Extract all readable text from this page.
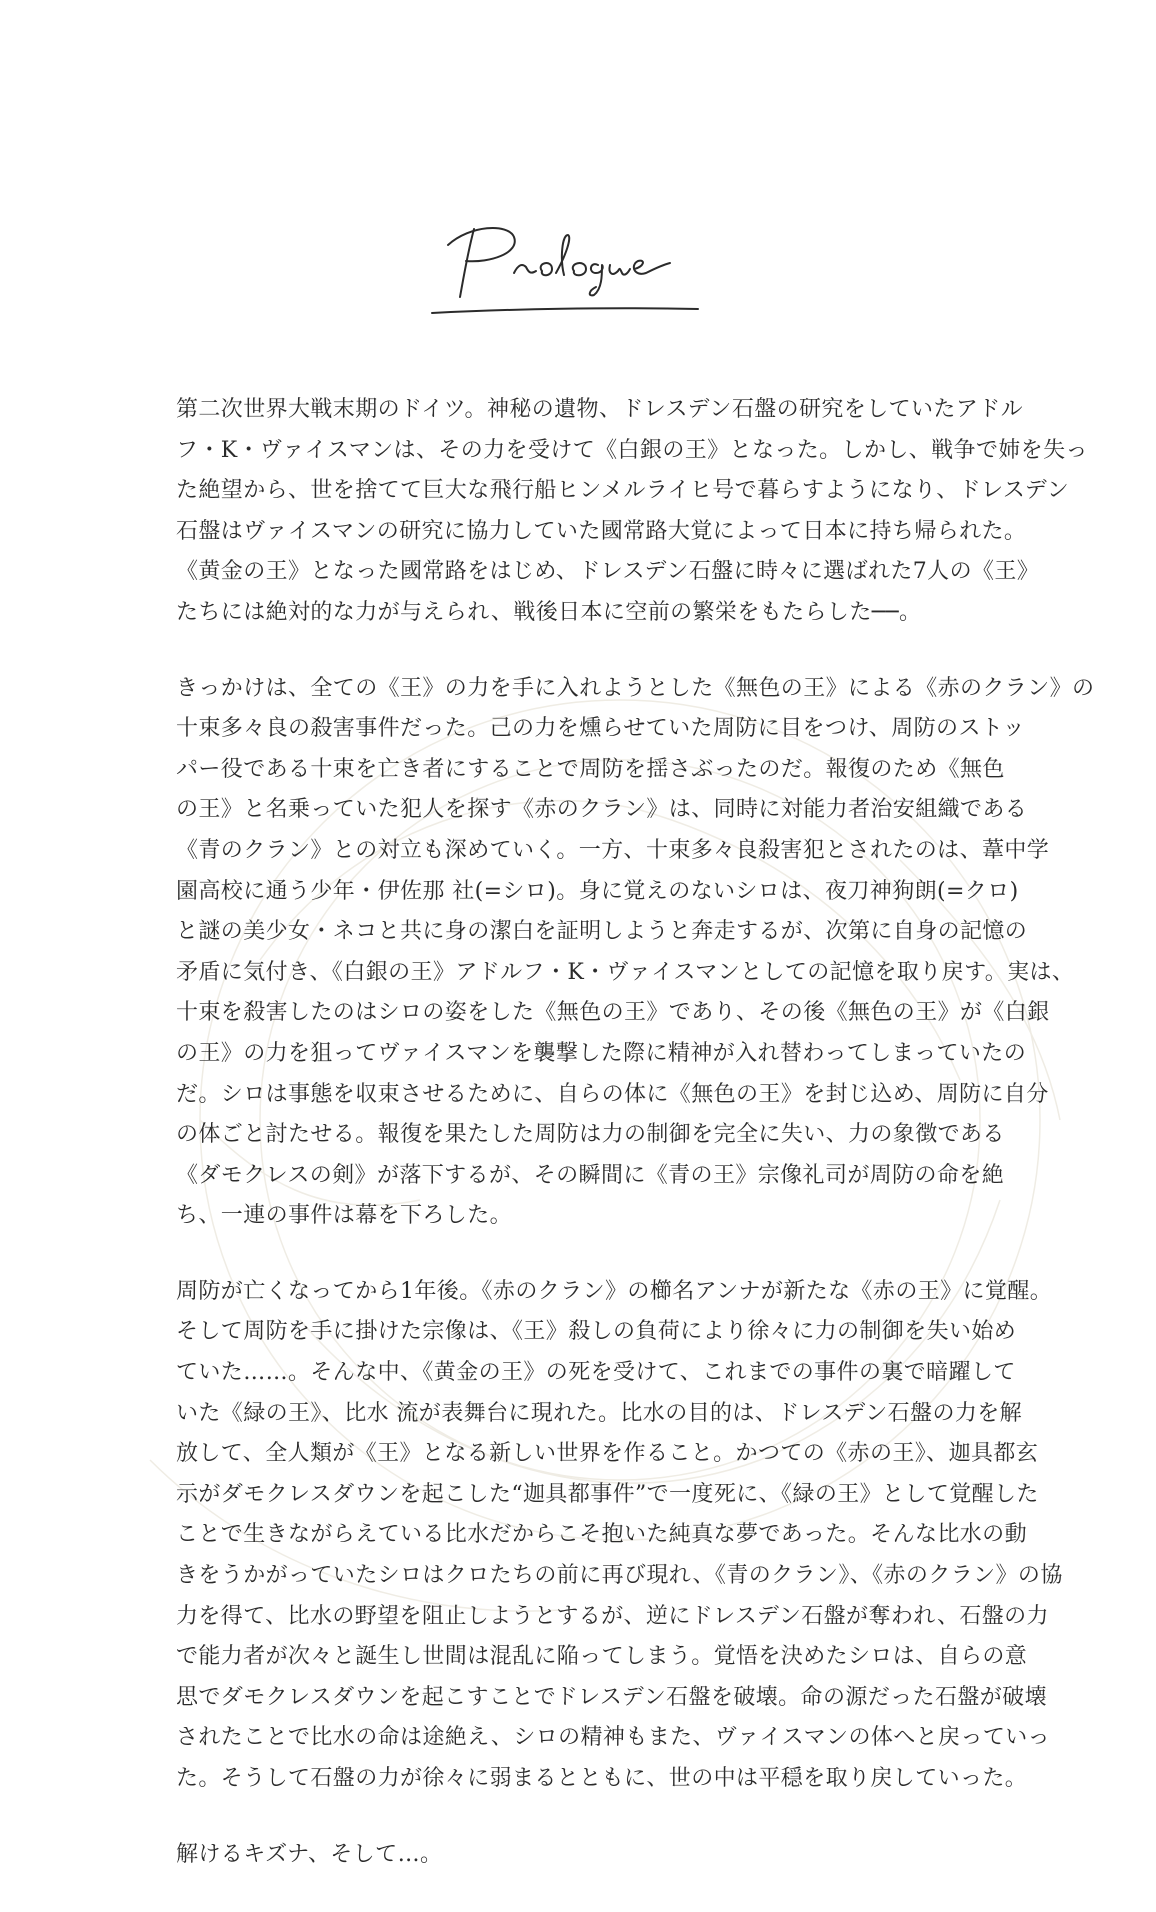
第二次世界大戦末期のドイツ。神秘の遺物、ドレスデン石盤の研究をしていたアドル
フ・K・ヴァイスマンは、その力を受けて《白銀の王》となった。しかし、戦争で姉を失っ
た絶望から、世を捨てて巨大な飛行船ヒンメルライヒ号で暮らすようになり、ドレスデン
石盤はヴァイスマンの研究に協力していた國常路大覚によって日本に持ち帰られた。
《黄金の王》となった國常路をはじめ、ドレスデン石盤に時々に選ばれた7人の《王》
たちには絶対的な力が与えられ、戦後日本に空前の繁栄をもたらした──。

きっかけは、全ての《王》の力を手に入れようとした《無色の王》による《赤のクラン》の
十束多々良の殺害事件だった。己の力を燻らせていた周防に目をつけ、周防のストッ
パー役である十束を亡き者にすることで周防を揺さぶったのだ。報復のため《無色
の王》と名乗っていた犯人を探す《赤のクラン》は、同時に対能力者治安組織である
《青のクラン》との対立も深めていく。一方、十束多々良殺害犯とされたのは、葦中学
園高校に通う少年・伊佐那 社(=シロ)。身に覚えのないシロは、夜刀神狗朗(=クロ)
と謎の美少女・ネコと共に身の潔白を証明しようと奔走するが、次第に自身の記憶の
矛盾に気付き、《白銀の王》アドルフ・K・ヴァイスマンとしての記憶を取り戻す。実は、
十束を殺害したのはシロの姿をした《無色の王》であり、その後《無色の王》が《白銀
の王》の力を狙ってヴァイスマンを襲撃した際に精神が入れ替わってしまっていたの
だ。シロは事態を収束させるために、自らの体に《無色の王》を封じ込め、周防に自分
の体ごと討たせる。報復を果たした周防は力の制御を完全に失い、力の象徴である
《ダモクレスの剣》が落下するが、その瞬間に《青の王》宗像礼司が周防の命を絶
ち、一連の事件は幕を下ろした。

周防が亡くなってから1年後。《赤のクラン》の櫛名アンナが新たな《赤の王》に覚醒。
そして周防を手に掛けた宗像は、《王》殺しの負荷により徐々に力の制御を失い始め
ていた……。そんな中、《黄金の王》の死を受けて、これまでの事件の裏で暗躍して
いた《緑の王》、比水 流が表舞台に現れた。比水の目的は、ドレスデン石盤の力を解
放して、全人類が《王》となる新しい世界を作ること。かつての《赤の王》、迦具都玄
示がダモクレスダウンを起こした“迦具都事件”で一度死に、《緑の王》として覚醒した
ことで生きながらえている比水だからこそ抱いた純真な夢であった。そんな比水の動
きをうかがっていたシロはクロたちの前に再び現れ、《青のクラン》、《赤のクラン》の協
力を得て、比水の野望を阻止しようとするが、逆にドレスデン石盤が奪われ、石盤の力
で能力者が次々と誕生し世間は混乱に陥ってしまう。覚悟を決めたシロは、自らの意
思でダモクレスダウンを起こすことでドレスデン石盤を破壊。命の源だった石盤が破壊
されたことで比水の命は途絶え、シロの精神もまた、ヴァイスマンの体へと戻っていっ
た。そうして石盤の力が徐々に弱まるとともに、世の中は平穏を取り戻していった。

解けるキズナ、そして…。
